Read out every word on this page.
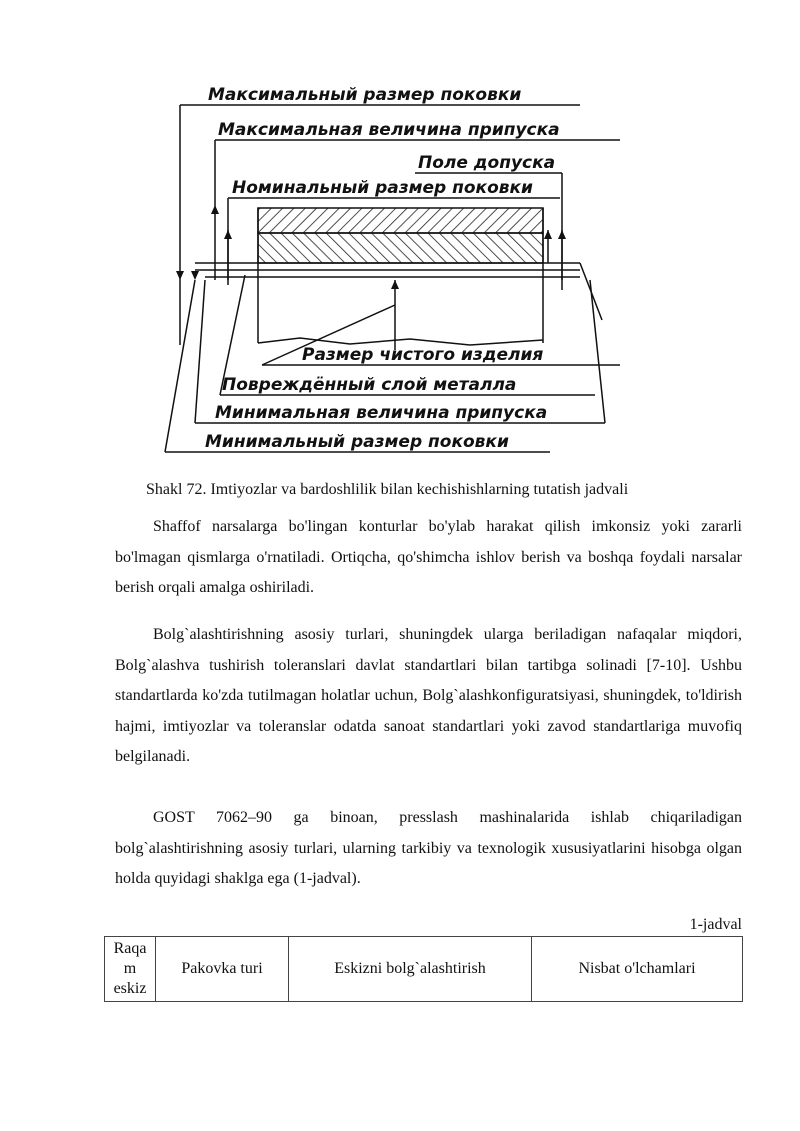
Максимальный размер поковки
Максимальная величина припуска
Поле допуска
Номинальный размер поковки
Размер чистого изделия
Повреждённый слой металла
Минимальная величина припуска
Минимальный размер поковки
Shakl 72. Imtiyozlar va bardoshlilik bilan kechishishlarning tutatish jadvali

Shaffof narsalarga bo'lingan konturlar bo'ylab harakat qilish imkonsiz yoki zararli bo'lmagan qismlarga o'rnatiladi. Ortiqcha, qo'shimcha ishlov berish va boshqa foydali narsalar berish orqali amalga oshiriladi.

Bolg`alashtirishning asosiy turlari, shuningdek ularga beriladigan nafaqalar miqdori, Bolg`alashva tushirish toleranslari davlat standartlari bilan tartibga solinadi [7-10]. Ushbu standartlarda ko'zda tutilmagan holatlar uchun, Bolg`alashkonfiguratsiyasi, shuningdek, to'ldirish hajmi, imtiyozlar va toleranslar odatda sanoat standartlari yoki zavod standartlariga muvofiq belgilanadi.

GOST 7062–90 ga binoan, presslash mashinalarida ishlab chiqariladigan bolg`alashtirishning asosiy turlari, ularning tarkibiy va texnologik xususiyatlarini hisobga olgan holda quyidagi shaklga ega (1-jadval).

1-jadval
Raqa m eskiz	Pakovka turi	Eskizni bolg`alashtirish	Nisbat o'lchamlari
